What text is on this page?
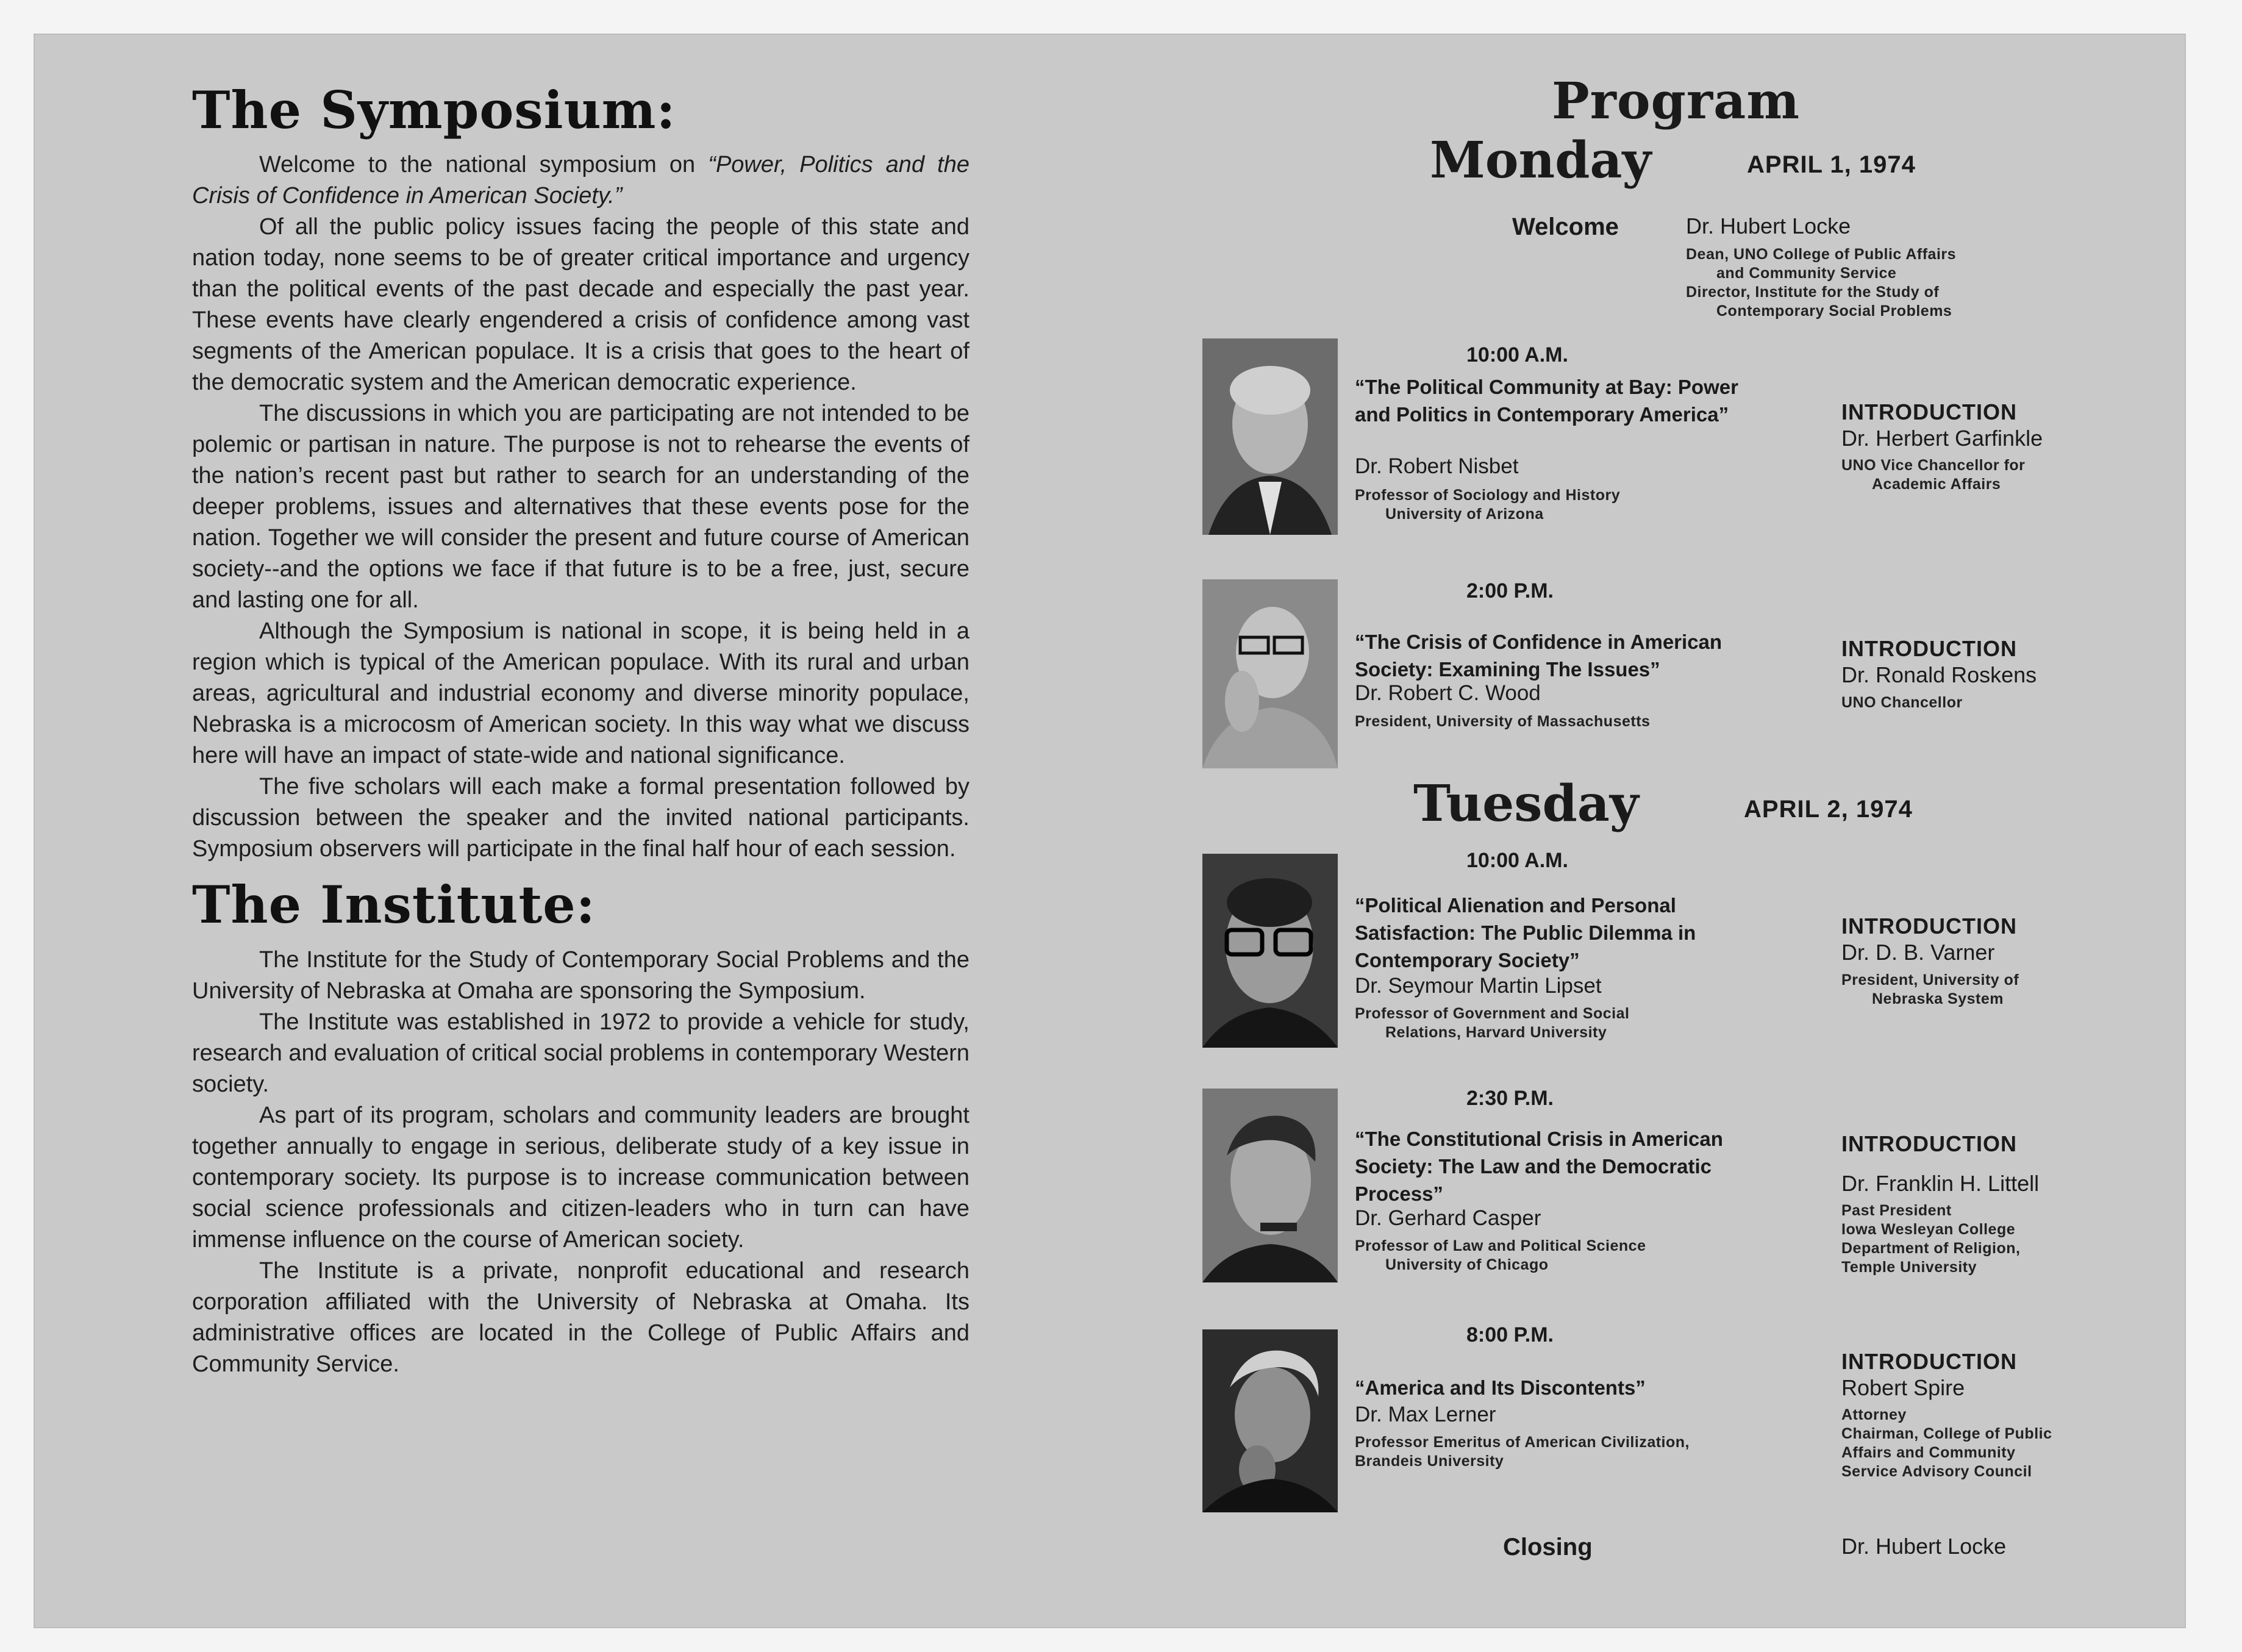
The Symposium:

Welcome to the national symposium on “Power, Politics and the Crisis of Confidence in American Society.”

Of all the public policy issues facing the people of this state and nation today, none seems to be of greater critical importance and urgency than the political events of the past decade and especially the past year. These events have clearly engendered a crisis of confidence among vast segments of the American populace. It is a crisis that goes to the heart of the democratic system and the American democratic experience.

The discussions in which you are participating are not intended to be polemic or partisan in nature. The purpose is not to rehearse the events of the nation’s recent past but rather to search for an understanding of the deeper problems, issues and alternatives that these events pose for the nation. Together we will consider the present and future course of American society--and the options we face if that future is to be a free, just, secure and lasting one for all.

Although the Symposium is national in scope, it is being held in a region which is typical of the American populace. With its rural and urban areas, agricultural and industrial economy and diverse minority populace, Nebraska is a microcosm of American society. In this way what we discuss here will have an impact of state-wide and national significance.

The five scholars will each make a formal presentation followed by discussion between the speaker and the invited national participants. Symposium observers will participate in the final half hour of each session.

The Institute:

The Institute for the Study of Contemporary Social Problems and the University of Nebraska at Omaha are sponsoring the Symposium.

The Institute was established in 1972 to provide a vehicle for study, research and evaluation of critical social problems in contemporary Western society.

As part of its program, scholars and community leaders are brought together annually to engage in serious, deliberate study of a key issue in contemporary society. Its purpose is to increase communication between social science professionals and citizen-leaders who in turn can have immense influence on the course of American society.

The Institute is a private, nonprofit educational and research corporation affiliated with the University of Nebraska at Omaha. Its administrative offices are located in the College of Public Affairs and Community Service.

Program
Monday	APRIL 1, 1974
Welcome	Dr. Hubert Locke
Dean, UNO College of Public Affairs
and Community Service
Director, Institute for the Study of
Contemporary Social Problems
10:00 A.M.
“The Political Community at Bay: Power and Politics in Contemporary America”
Dr. Robert Nisbet
Professor of Sociology and History
University of Arizona
INTRODUCTION
Dr. Herbert Garfinkle
UNO Vice Chancellor for
Academic Affairs
2:00 P.M.
“The Crisis of Confidence in American Society: Examining The Issues”
Dr. Robert C. Wood
President, University of Massachusetts
INTRODUCTION
Dr. Ronald Roskens
UNO Chancellor
Tuesday	APRIL 2, 1974
10:00 A.M.
“Political Alienation and Personal Satisfaction: The Public Dilemma in Contemporary Society”
Dr. Seymour Martin Lipset
Professor of Government and Social
Relations, Harvard University
INTRODUCTION
Dr. D. B. Varner
President, University of
Nebraska System
2:30 P.M.
“The Constitutional Crisis in American Society: The Law and the Democratic Process”
Dr. Gerhard Casper
Professor of Law and Political Science
University of Chicago
INTRODUCTION
Dr. Franklin H. Littell
Past President
Iowa Wesleyan College
Department of Religion,
Temple University
8:00 P.M.
“America and Its Discontents”
Dr. Max Lerner
Professor Emeritus of American Civilization, Brandeis University
INTRODUCTION
Robert Spire
Attorney
Chairman, College of Public
Affairs and Community
Service Advisory Council
Closing	Dr. Hubert Locke
